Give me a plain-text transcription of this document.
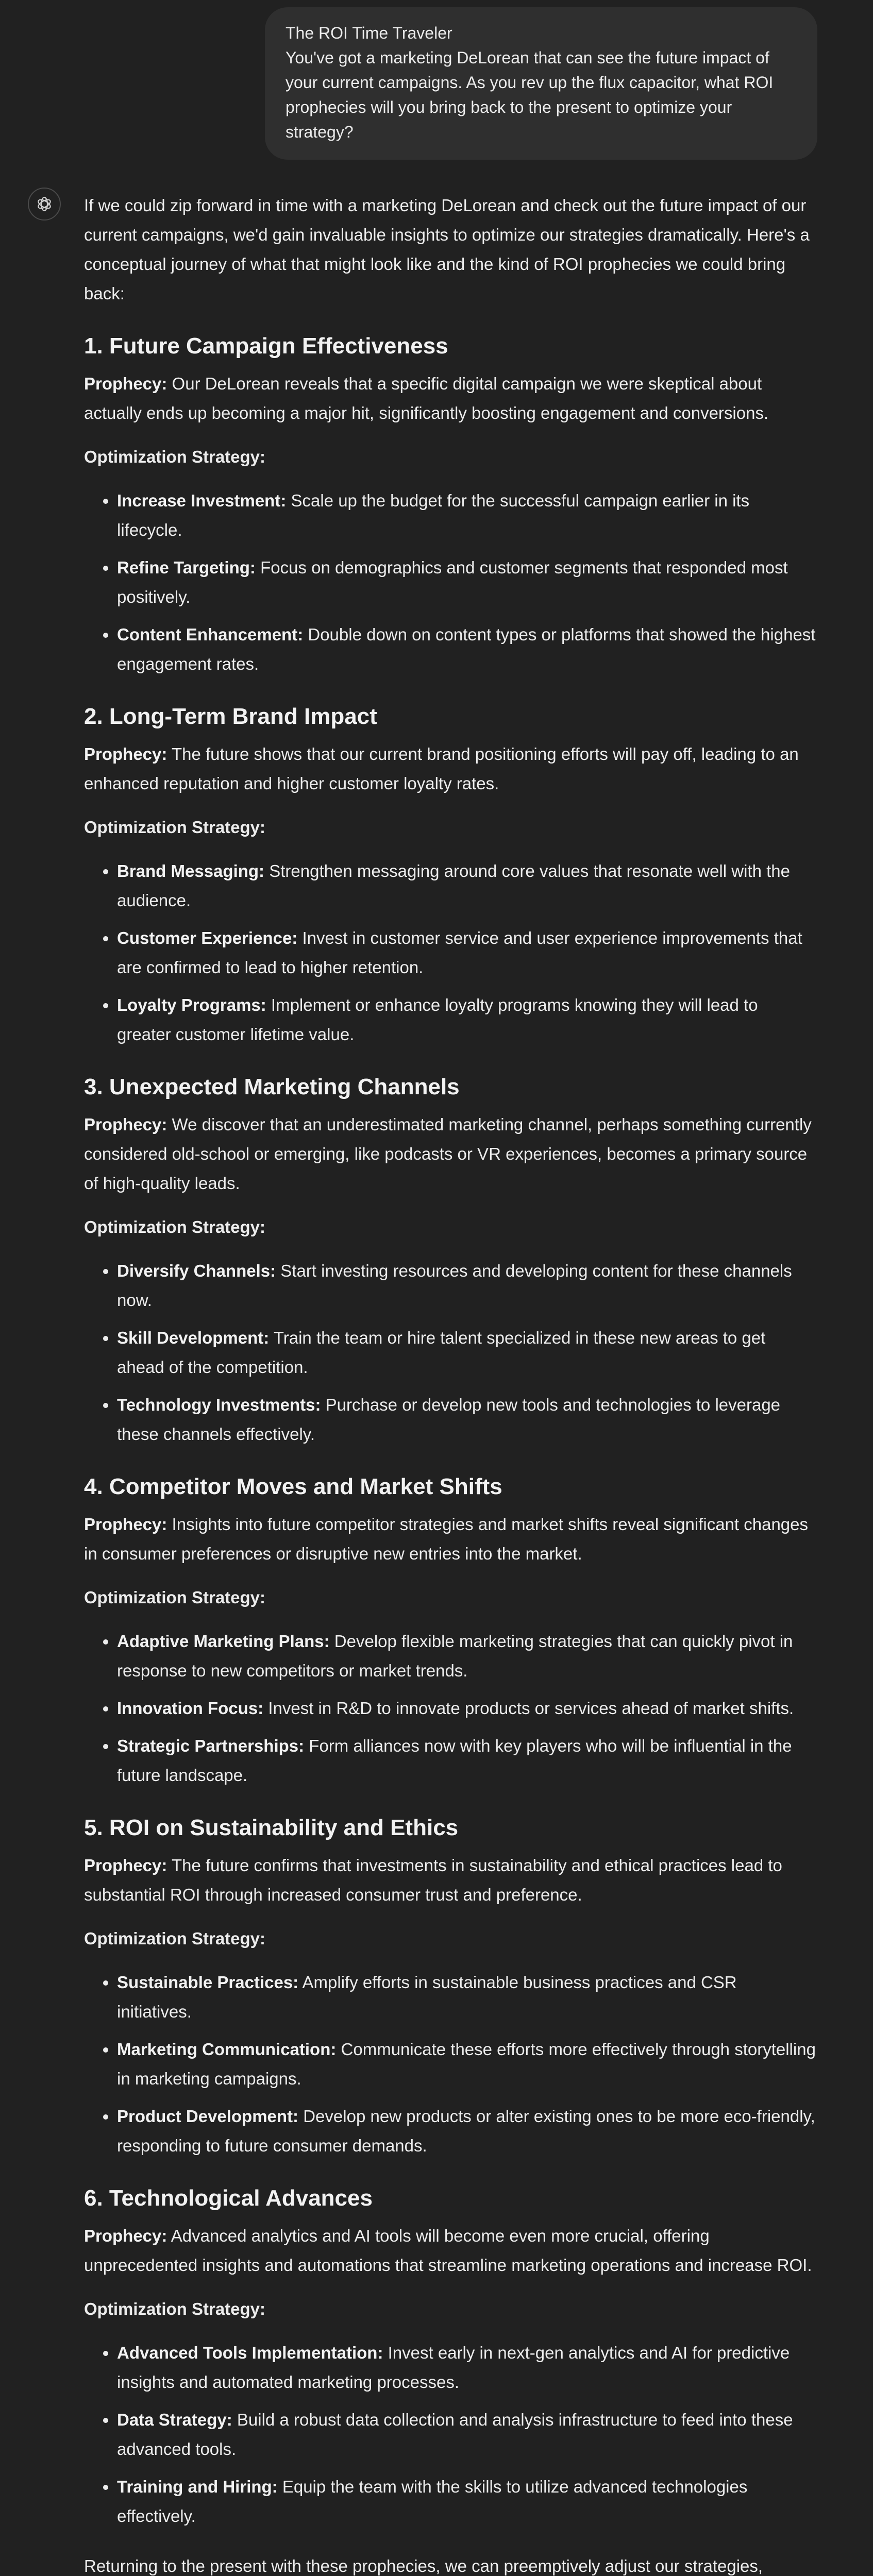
The ROI Time Traveler
You've got a marketing DeLorean that can see the future impact of your current campaigns. As you rev up the flux capacitor, what ROI prophecies will you bring back to the present to optimize your strategy?

If we could zip forward in time with a marketing DeLorean and check out the future impact of our current campaigns, we'd gain invaluable insights to optimize our strategies dramatically. Here's a conceptual journey of what that might look like and the kind of ROI prophecies we could bring back:

1. Future Campaign Effectiveness

Prophecy: Our DeLorean reveals that a specific digital campaign we were skeptical about actually ends up becoming a major hit, significantly boosting engagement and conversions.

Optimization Strategy:

• Increase Investment: Scale up the budget for the successful campaign earlier in its lifecycle.
• Refine Targeting: Focus on demographics and customer segments that responded most positively.
• Content Enhancement: Double down on content types or platforms that showed the highest engagement rates.
2. Long-Term Brand Impact

Prophecy: The future shows that our current brand positioning efforts will pay off, leading to an enhanced reputation and higher customer loyalty rates.

Optimization Strategy:

• Brand Messaging: Strengthen messaging around core values that resonate well with the audience.
• Customer Experience: Invest in customer service and user experience improvements that are confirmed to lead to higher retention.
• Loyalty Programs: Implement or enhance loyalty programs knowing they will lead to greater customer lifetime value.
3. Unexpected Marketing Channels

Prophecy: We discover that an underestimated marketing channel, perhaps something currently considered old-school or emerging, like podcasts or VR experiences, becomes a primary source of high-quality leads.

Optimization Strategy:

• Diversify Channels: Start investing resources and developing content for these channels now.
• Skill Development: Train the team or hire talent specialized in these new areas to get ahead of the competition.
• Technology Investments: Purchase or develop new tools and technologies to leverage these channels effectively.
4. Competitor Moves and Market Shifts

Prophecy: Insights into future competitor strategies and market shifts reveal significant changes in consumer preferences or disruptive new entries into the market.

Optimization Strategy:

• Adaptive Marketing Plans: Develop flexible marketing strategies that can quickly pivot in response to new competitors or market trends.
• Innovation Focus: Invest in R&D to innovate products or services ahead of market shifts.
• Strategic Partnerships: Form alliances now with key players who will be influential in the future landscape.
5. ROI on Sustainability and Ethics

Prophecy: The future confirms that investments in sustainability and ethical practices lead to substantial ROI through increased consumer trust and preference.

Optimization Strategy:

• Sustainable Practices: Amplify efforts in sustainable business practices and CSR initiatives.
• Marketing Communication: Communicate these efforts more effectively through storytelling in marketing campaigns.
• Product Development: Develop new products or alter existing ones to be more eco-friendly, responding to future consumer demands.
6. Technological Advances

Prophecy: Advanced analytics and AI tools will become even more crucial, offering unprecedented insights and automations that streamline marketing operations and increase ROI.

Optimization Strategy:

• Advanced Tools Implementation: Invest early in next-gen analytics and AI for predictive insights and automated marketing processes.
• Data Strategy: Build a robust data collection and analysis infrastructure to feed into these advanced tools.
• Training and Hiring: Equip the team with the skills to utilize advanced technologies effectively.

Returning to the present with these prophecies, we can preemptively adjust our strategies,
